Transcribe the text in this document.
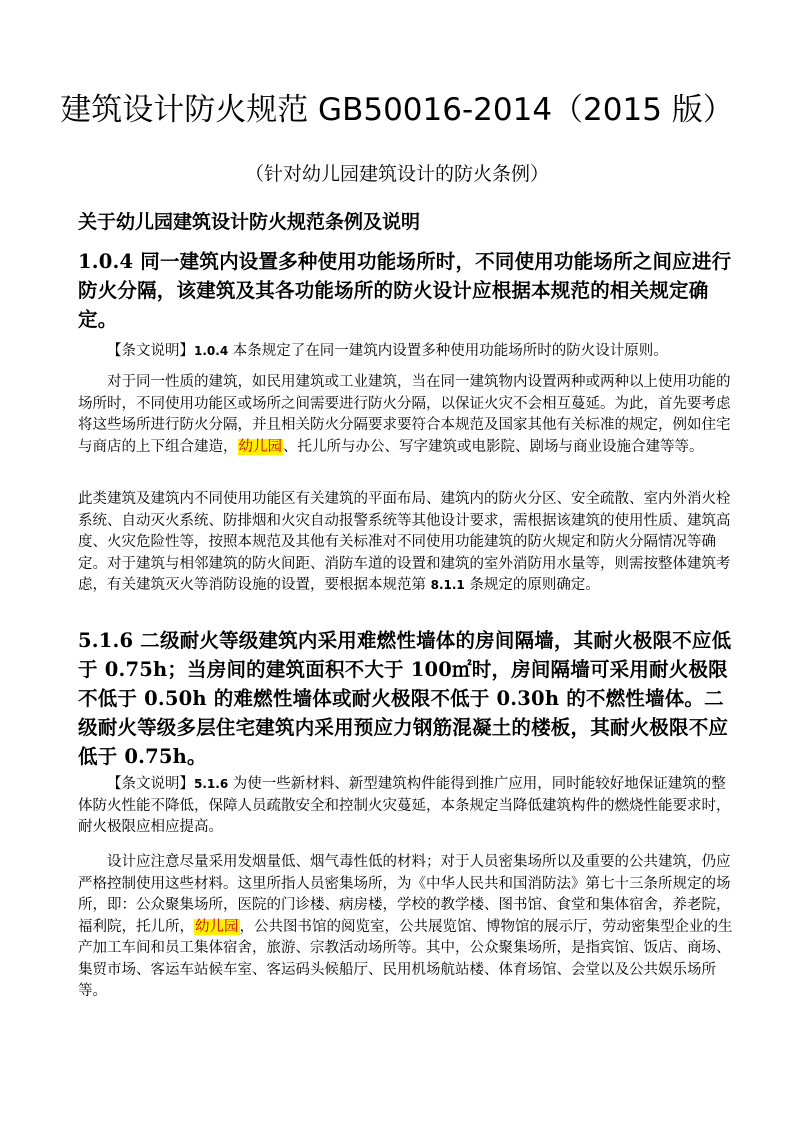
建筑设计防火规范 GB50016-2014（2015 版）
（针对幼儿园建筑设计的防火条例）
关于幼儿园建筑设计防火规范条例及说明
1.0.4 同一建筑内设置多种使用功能场所时，不同使用功能场所之间应进行防火分隔，该建筑及其各功能场所的防火设计应根据本规范的相关规定确定。

【条文说明】1.0.4 本条规定了在同一建筑内设置多种使用功能场所时的防火设计原则。

对于同一性质的建筑，如民用建筑或工业建筑，当在同一建筑物内设置两种或两种以上使用功能的场所时，不同使用功能区或场所之间需要进行防火分隔，以保证火灾不会相互蔓延。为此，首先要考虑将这些场所进行防火分隔，并且相关防火分隔要求要符合本规范及国家其他有关标准的规定，例如住宅与商店的上下组合建造，幼儿园、托儿所与办公、写字建筑或电影院、剧场与商业设施合建等等。

此类建筑及建筑内不同使用功能区有关建筑的平面布局、建筑内的防火分区、安全疏散、室内外消火栓系统、自动灭火系统、防排烟和火灾自动报警系统等其他设计要求，需根据该建筑的使用性质、建筑高度、火灾危险性等，按照本规范及其他有关标准对不同使用功能建筑的防火规定和防火分隔情况等确定。对于建筑与相邻建筑的防火间距、消防车道的设置和建筑的室外消防用水量等，则需按整体建筑考虑，有关建筑灭火等消防设施的设置，要根据本规范第 8.1.1 条规定的原则确定。

5.1.6 二级耐火等级建筑内采用难燃性墙体的房间隔墙，其耐火极限不应低于 0.75h；当房间的建筑面积不大于 100㎡时，房间隔墙可采用耐火极限不低于 0.50h 的难燃性墙体或耐火极限不低于 0.30h 的不燃性墙体。二级耐火等级多层住宅建筑内采用预应力钢筋混凝土的楼板，其耐火极限不应低于 0.75h。

【条文说明】5.1.6 为使一些新材料、新型建筑构件能得到推广应用，同时能较好地保证建筑的整体防火性能不降低，保障人员疏散安全和控制火灾蔓延，本条规定当降低建筑构件的燃烧性能要求时，耐火极限应相应提高。

设计应注意尽量采用发烟量低、烟气毒性低的材料；对于人员密集场所以及重要的公共建筑，仍应严格控制使用这些材料。这里所指人员密集场所，为《中华人民共和国消防法》第七十三条所规定的场所，即：公众聚集场所，医院的门诊楼、病房楼，学校的教学楼、图书馆、食堂和集体宿舍，养老院，福利院，托儿所，幼儿园，公共图书馆的阅览室，公共展览馆、博物馆的展示厅，劳动密集型企业的生产加工车间和员工集体宿舍，旅游、宗教活动场所等。其中，公众聚集场所，是指宾馆、饭店、商场、集贸市场、客运车站候车室、客运码头候船厅、民用机场航站楼、体育场馆、会堂以及公共娱乐场所等。
